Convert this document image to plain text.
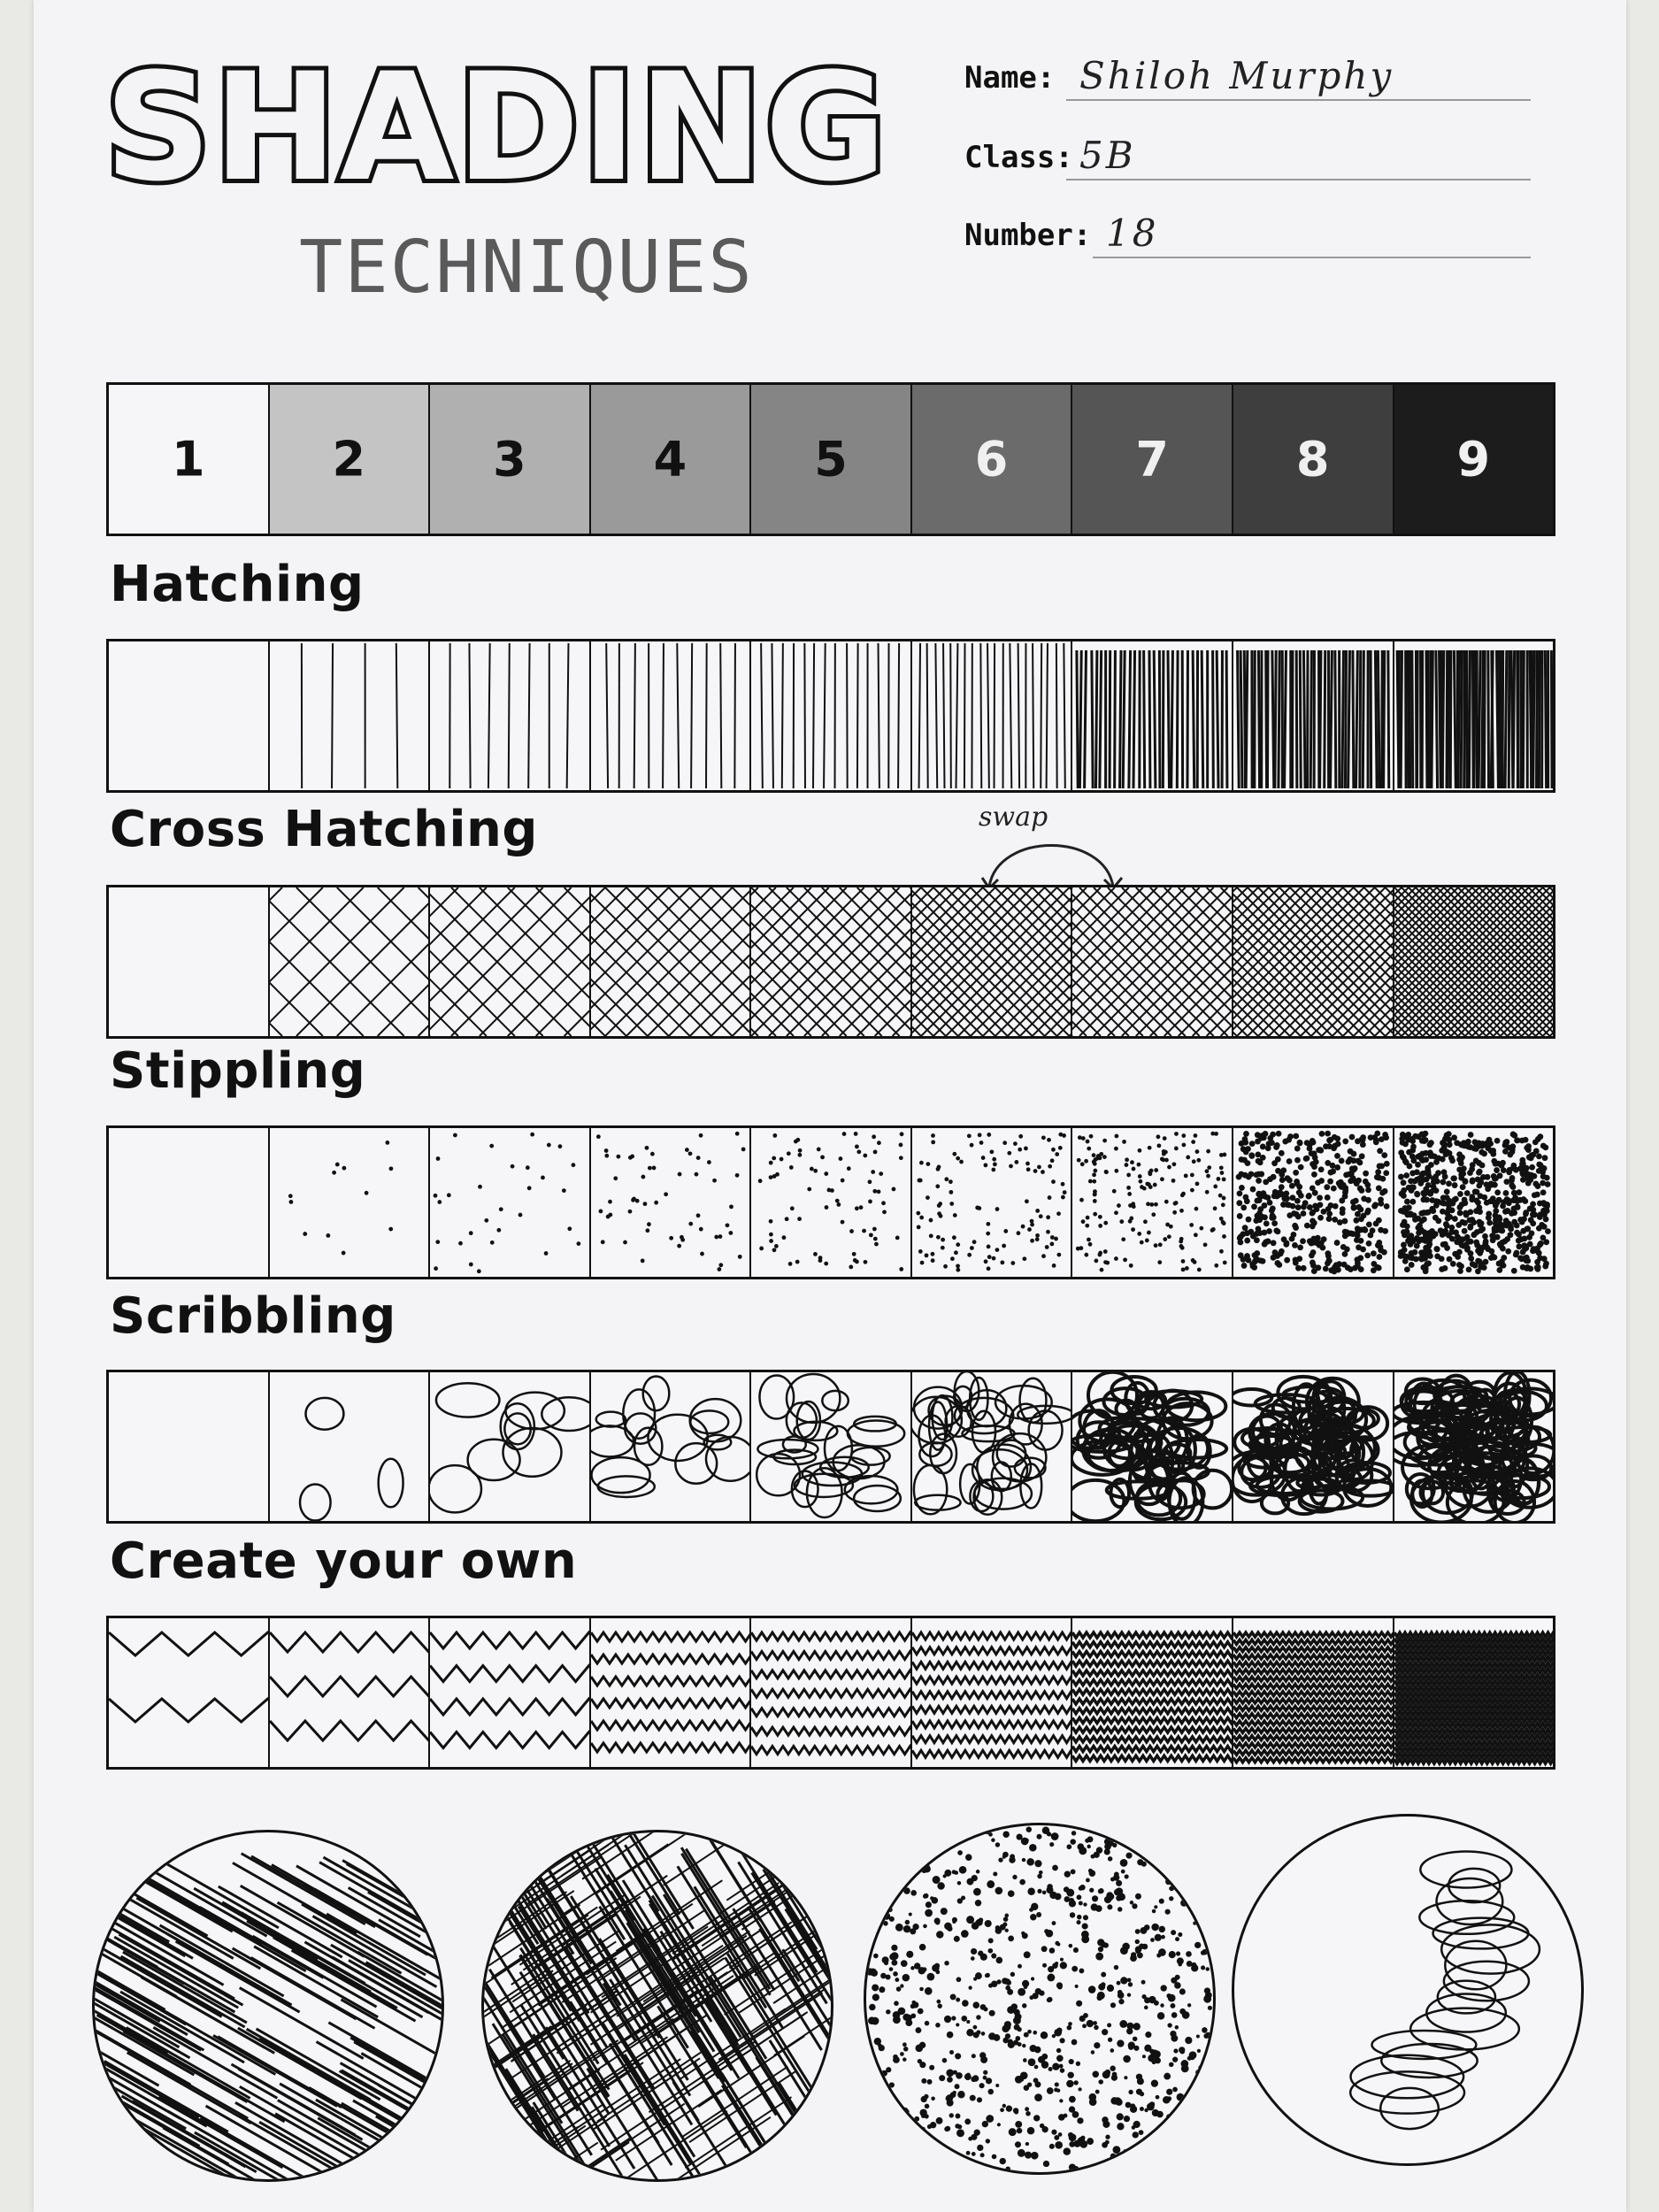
SHADING
TECHNIQUES
Name: Shiloh Murphy
Class: 5B
Number: 18
1	2	3	4	5	6	7	8	9
Hatching
swap
Cross Hatching
Stippling
Scribbling
Create your own
